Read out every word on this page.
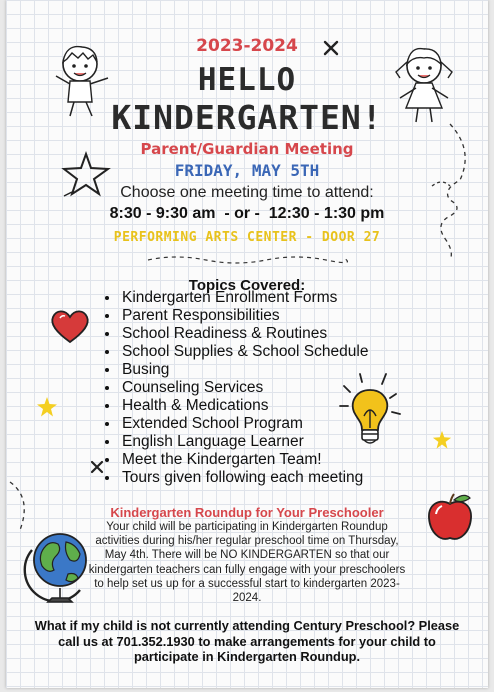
2023-2024
HELLO
KINDERGARTEN!
Parent/Guardian Meeting
FRIDAY, MAY 5TH
Choose one meeting time to attend:
8:30 - 9:30 am  - or -  12:30 - 1:30 pm
PERFORMING ARTS CENTER - DOOR 27
Topics Covered:
• Kindergarten Enrollment Forms
• Parent Responsibilities
• School Readiness & Routines
• School Supplies & School Schedule
• Busing
• Counseling Services
• Health & Medications
• Extended School Program
• English Language Learner
• Meet the Kindergarten Team!
• Tours given following each meeting
Kindergarten Roundup for Your Preschooler
Your child will be participating in Kindergarten Roundup activities during his/her regular preschool time on Thursday, May 4th. There will be NO KINDERGARTEN so that our kindergarten teachers can fully engage with your preschoolers to help set us up for a successful start to kindergarten 2023-2024.
What if my child is not currently attending Century Preschool? Please call us at 701.352.1930 to make arrangements for your child to participate in Kindergarten Roundup.
